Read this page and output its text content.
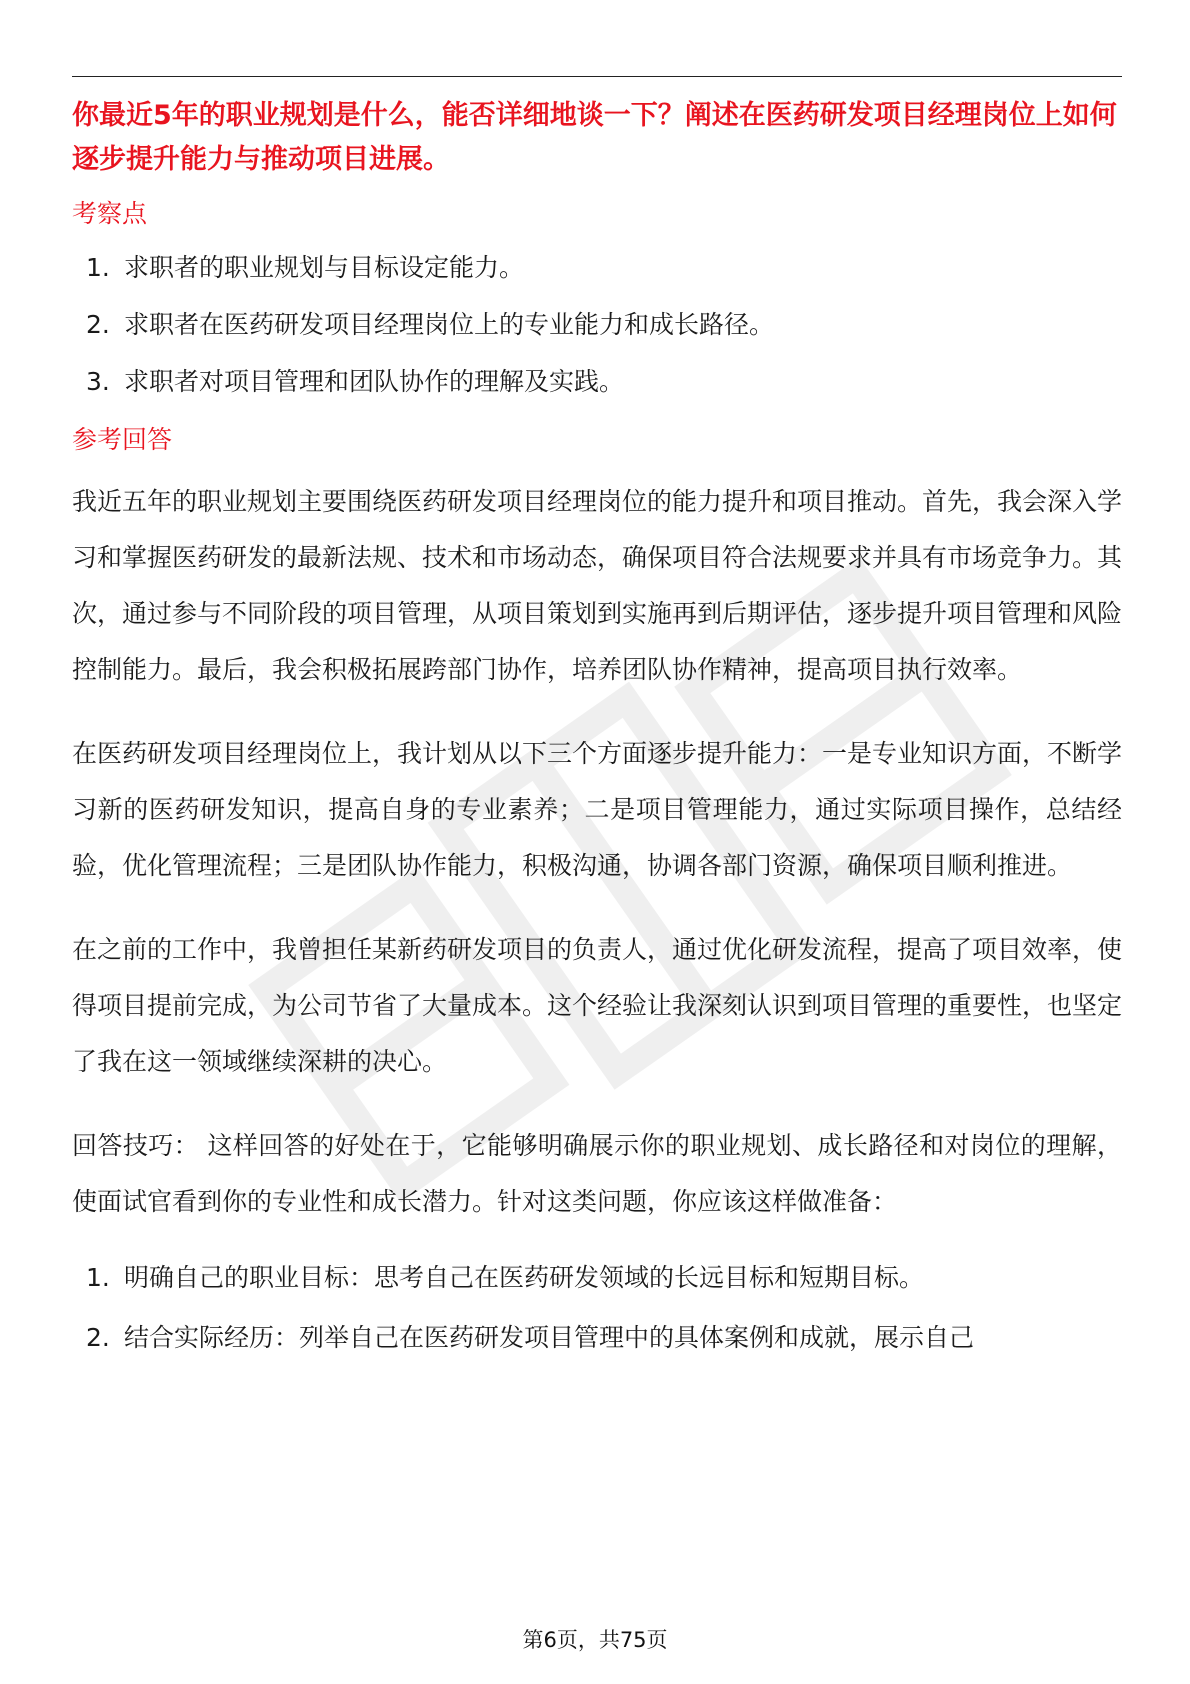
你最近5年的职业规划是什么，能否详细地谈一下？阐述在医药研发项目经理岗位上如何逐步提升能力与推动项目进展。
考察点
1. 求职者的职业规划与目标设定能力。
2. 求职者在医药研发项目经理岗位上的专业能力和成长路径。
3. 求职者对项目管理和团队协作的理解及实践。
参考回答

我近五年的职业规划主要围绕医药研发项目经理岗位的能力提升和项目推动。首先，我会深入学习和掌握医药研发的最新法规、技术和市场动态，确保项目符合法规要求并具有市场竞争力。其次，通过参与不同阶段的项目管理，从项目策划到实施再到后期评估，逐步提升项目管理和风险控制能力。最后，我会积极拓展跨部门协作，培养团队协作精神，提高项目执行效率。

在医药研发项目经理岗位上，我计划从以下三个方面逐步提升能力：一是专业知识方面，不断学习新的医药研发知识，提高自身的专业素养；二是项目管理能力，通过实际项目操作，总结经验，优化管理流程；三是团队协作能力，积极沟通，协调各部门资源，确保项目顺利推进。

在之前的工作中，我曾担任某新药研发项目的负责人，通过优化研发流程，提高了项目效率，使得项目提前完成，为公司节省了大量成本。这个经验让我深刻认识到项目管理的重要性，也坚定了我在这一领域继续深耕的决心。

回答技巧： 这样回答的好处在于，它能够明确展示你的职业规划、成长路径和对岗位的理解，使面试官看到你的专业性和成长潜力。针对这类问题，你应该这样做准备：

1. 明确自己的职业目标：思考自己在医药研发领域的长远目标和短期目标。
2. 结合实际经历：列举自己在医药研发项目管理中的具体案例和成就，展示自己
第6页，共75页
